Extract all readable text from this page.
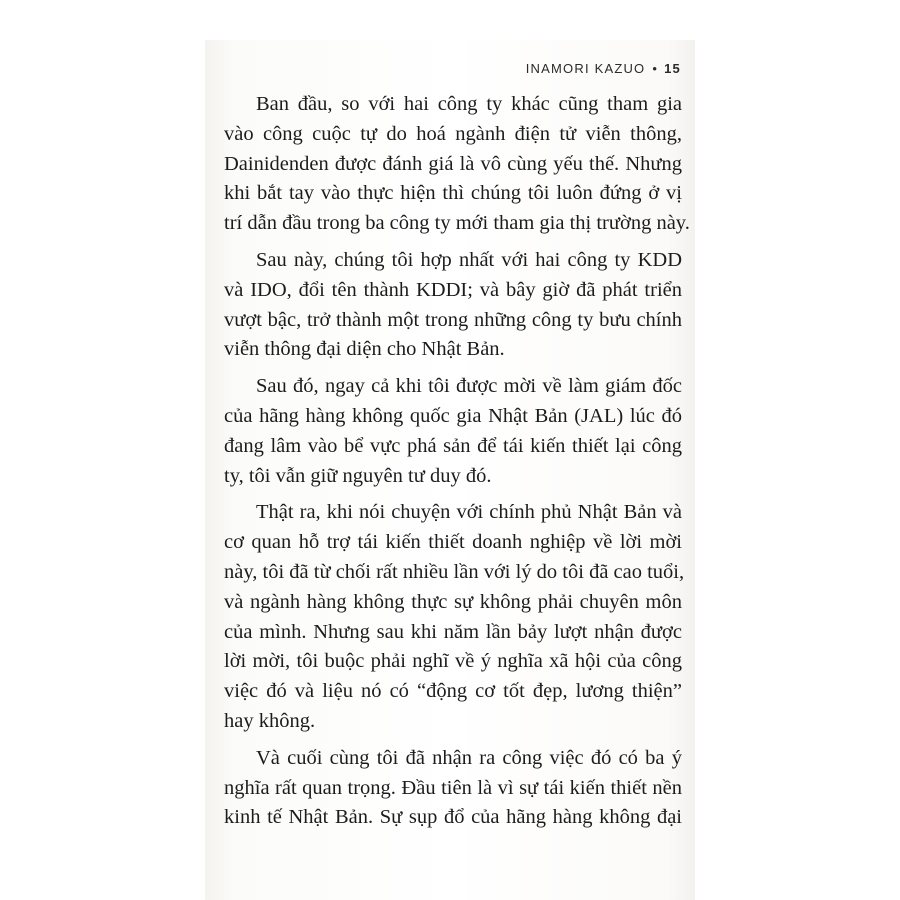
INAMORI KAZUO • 15

Ban đầu, so với hai công ty khác cũng tham gia
vào công cuộc tự do hoá ngành điện tử viễn thông,
Dainidenden được đánh giá là vô cùng yếu thế. Nhưng
khi bắt tay vào thực hiện thì chúng tôi luôn đứng ở vị
trí dẫn đầu trong ba công ty mới tham gia thị trường này.

Sau này, chúng tôi hợp nhất với hai công ty KDD
và IDO, đổi tên thành KDDI; và bây giờ đã phát triển
vượt bậc, trở thành một trong những công ty bưu chính
viễn thông đại diện cho Nhật Bản.

Sau đó, ngay cả khi tôi được mời về làm giám đốc
của hãng hàng không quốc gia Nhật Bản (JAL) lúc đó
đang lâm vào bể vực phá sản để tái kiến thiết lại công
ty, tôi vẫn giữ nguyên tư duy đó.

Thật ra, khi nói chuyện với chính phủ Nhật Bản và
cơ quan hỗ trợ tái kiến thiết doanh nghiệp về lời mời
này, tôi đã từ chối rất nhiều lần với lý do tôi đã cao tuổi,
và ngành hàng không thực sự không phải chuyên môn
của mình. Nhưng sau khi năm lần bảy lượt nhận được
lời mời, tôi buộc phải nghĩ về ý nghĩa xã hội của công
việc đó và liệu nó có “động cơ tốt đẹp, lương thiện”
hay không.

Và cuối cùng tôi đã nhận ra công việc đó có ba ý
nghĩa rất quan trọng. Đầu tiên là vì sự tái kiến thiết nền
kinh tế Nhật Bản. Sự sụp đổ của hãng hàng không đại
